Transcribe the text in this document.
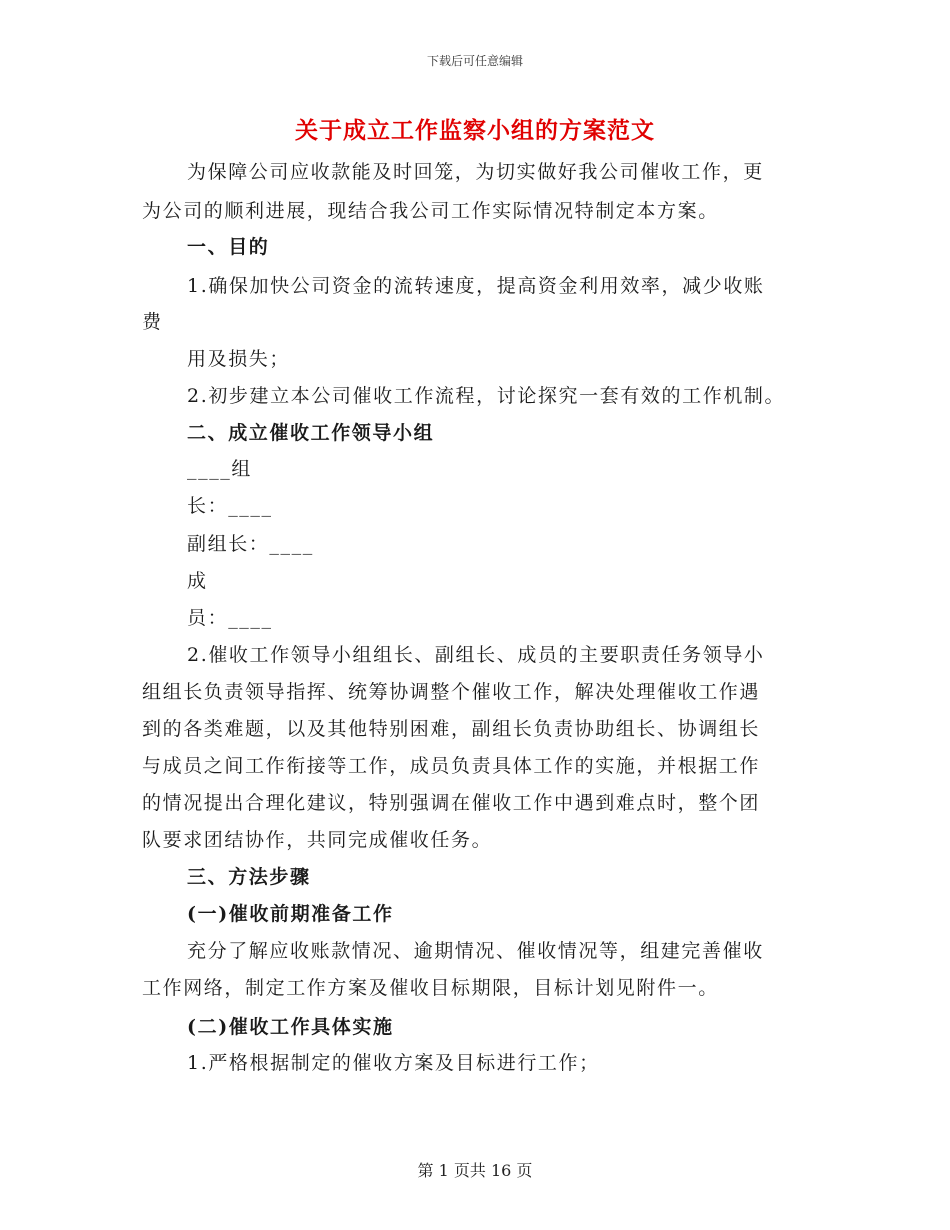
下载后可任意编辑
关于成立工作监察小组的方案范文
为保障公司应收款能及时回笼，为切实做好我公司催收工作，更
为公司的顺利进展，现结合我公司工作实际情况特制定本方案。
一、目的
1.确保加快公司资金的流转速度，提高资金利用效率，减少收账
费
用及损失；
2.初步建立本公司催收工作流程，讨论探究一套有效的工作机制。
二、成立催收工作领导小组
____组
长：____
副组长：____
成
员：____
2.催收工作领导小组组长、副组长、成员的主要职责任务领导小
组组长负责领导指挥、统筹协调整个催收工作，解决处理催收工作遇
到的各类难题，以及其他特别困难，副组长负责协助组长、协调组长
与成员之间工作衔接等工作，成员负责具体工作的实施，并根据工作
的情况提出合理化建议，特别强调在催收工作中遇到难点时，整个团
队要求团结协作，共同完成催收任务。
三、方法步骤
(一)催收前期准备工作
充分了解应收账款情况、逾期情况、催收情况等，组建完善催收
工作网络，制定工作方案及催收目标期限，目标计划见附件一。
(二)催收工作具体实施
1.严格根据制定的催收方案及目标进行工作；
第 1 页共 16 页
